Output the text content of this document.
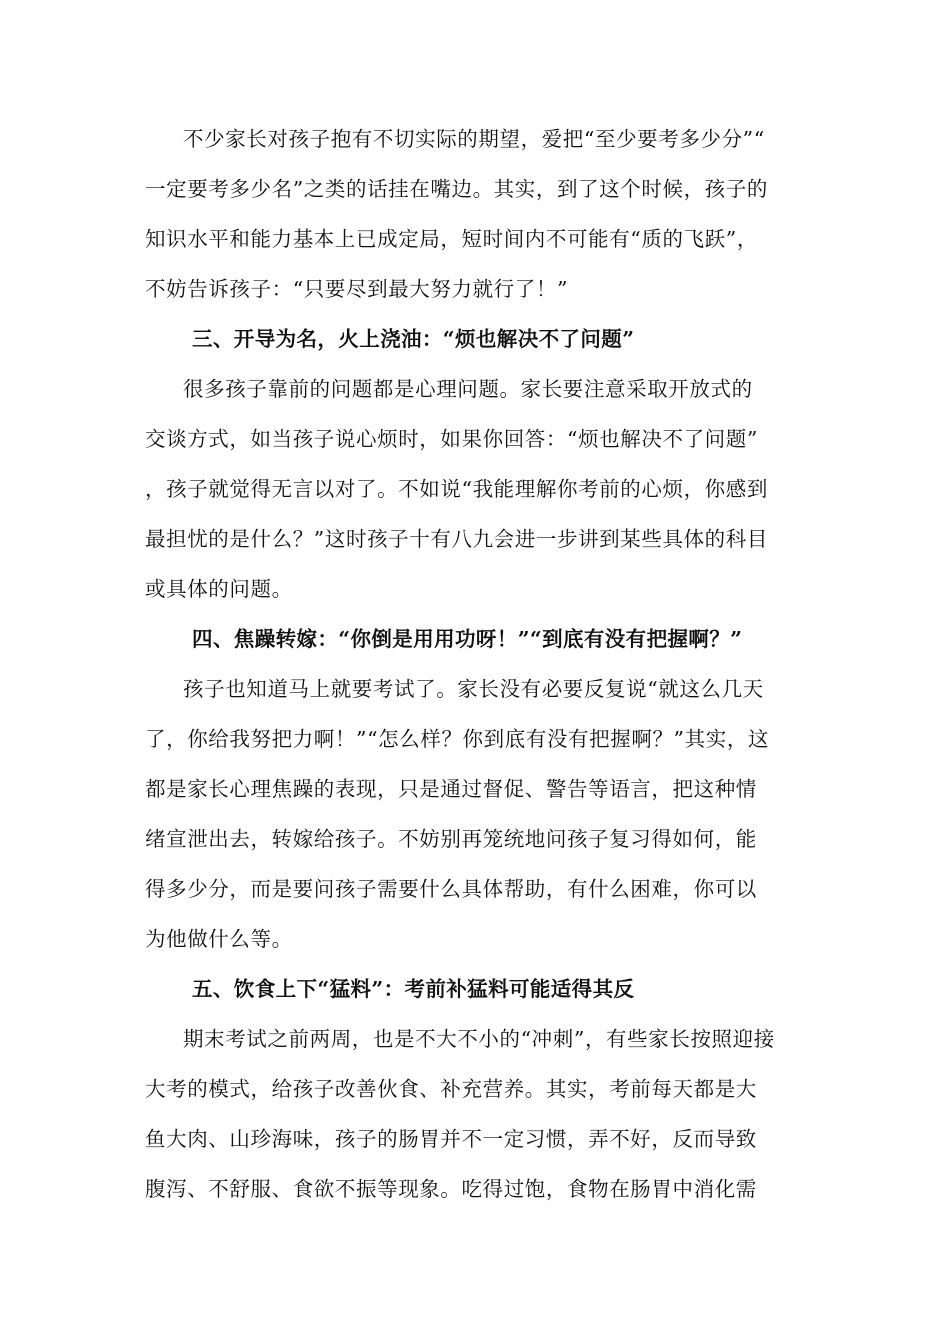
不少家长对孩子抱有不切实际的期望，爱把“至少要考多少分”“
一定要考多少名”之类的话挂在嘴边。其实，到了这个时候，孩子的
知识水平和能力基本上已成定局，短时间内不可能有“质的飞跃”，
不妨告诉孩子：“只要尽到最大努力就行了！”
三、开导为名，火上浇油：“烦也解决不了问题”
很多孩子靠前的问题都是心理问题。家长要注意采取开放式的
交谈方式，如当孩子说心烦时，如果你回答：“烦也解决不了问题”
，孩子就觉得无言以对了。不如说“我能理解你考前的心烦，你感到
最担忧的是什么？”这时孩子十有八九会进一步讲到某些具体的科目
或具体的问题。
四、焦躁转嫁：“你倒是用用功呀！”“到底有没有把握啊？”
孩子也知道马上就要考试了。家长没有必要反复说“就这么几天
了，你给我努把力啊！”“怎么样？你到底有没有把握啊？”其实，这
都是家长心理焦躁的表现，只是通过督促、警告等语言，把这种情
绪宣泄出去，转嫁给孩子。不妨别再笼统地问孩子复习得如何，能
得多少分，而是要问孩子需要什么具体帮助，有什么困难，你可以
为他做什么等。
五、饮食上下“猛料”：考前补猛料可能适得其反
期末考试之前两周，也是不大不小的“冲刺”，有些家长按照迎接
大考的模式，给孩子改善伙食、补充营养。其实，考前每天都是大
鱼大肉、山珍海味，孩子的肠胃并不一定习惯，弄不好，反而导致
腹泻、不舒服、食欲不振等现象。吃得过饱，食物在肠胃中消化需
